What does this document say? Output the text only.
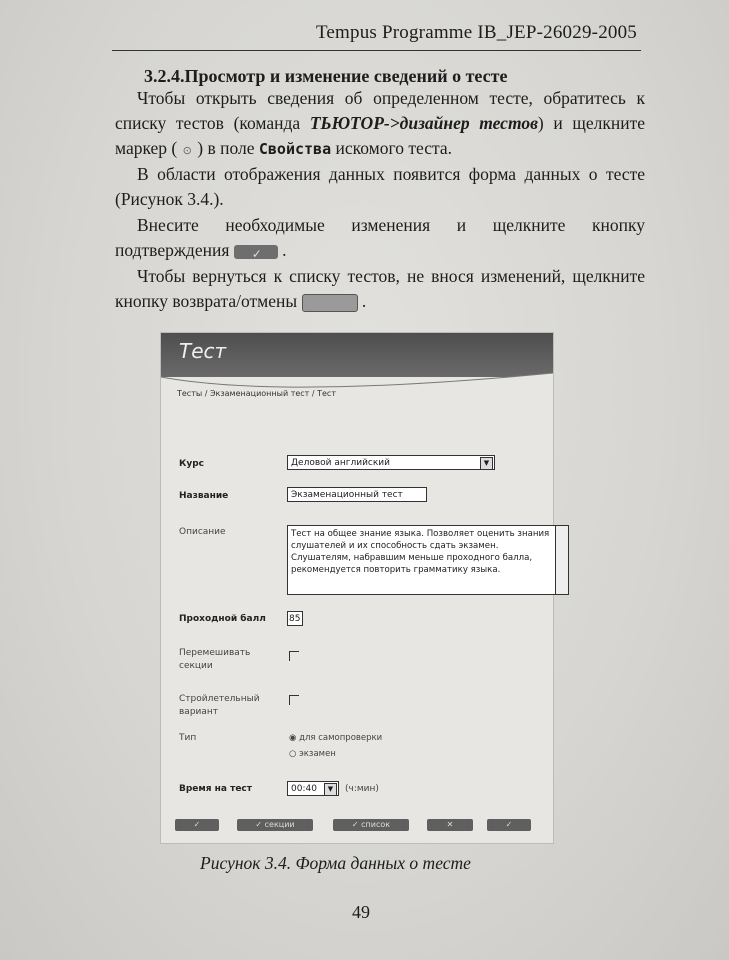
Tempus Programme IB_JEP-26029-2005
3.2.4.Просмотр и изменение сведений о тесте
Чтобы открыть сведения об определенном тесте, обратитесь к списку тестов (команда ТЬЮТОР->дизайнер тестов) и щелкните маркер ( ⊙ ) в поле Свойства искомого теста.
В области отображения данных появится форма данных о тесте (Рисунок 3.4.).
Внесите необходимые изменения и щелкните кнопку подтверждения ✓	.
Чтобы вернуться к списку тестов, не внося изменений, щелкните кнопку возврата/отмены	.
Тест
Тесты / Экзаменационный тест / Тест
Курс	Деловой английский	▼
Название	Экзаменационный тест
Описание	Тест на общее знание языка. Позволяет оценить знания слушателей и их способность сдать экзамен. Слушателям, набравшим меньше проходного балла, рекомендуется повторить грамматику языка.
Проходной балл	85
Перемешивать секции
Стройлетельный вариант
Тип	◉ для самопроверки
○ экзамен
Время на тест	00:40	▼	(ч:мин)
✓	✓ секции	✓ список	✕	✓
Рисунок 3.4. Форма данных о тесте
49
